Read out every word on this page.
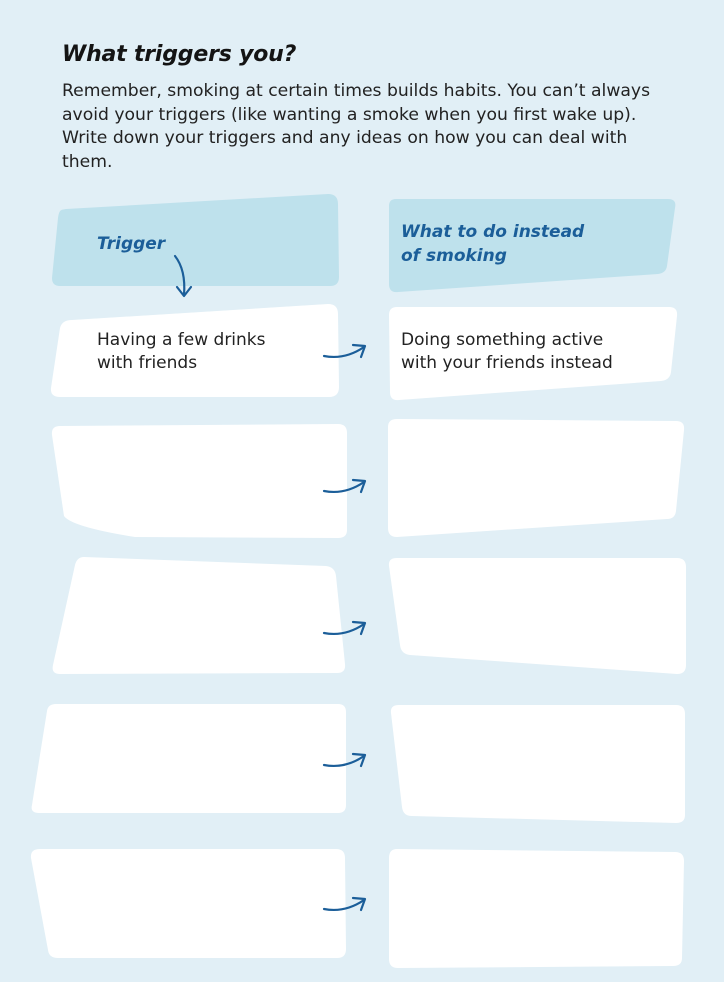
What triggers you?

Remember, smoking at certain times builds habits. You can’t always avoid your triggers (like wanting a smoke when you first wake up). Write down your triggers and any ideas on how you can deal with them.

Trigger

What to do instead

of smoking

Having a few drinks

with friends

Doing something active

with your friends instead
